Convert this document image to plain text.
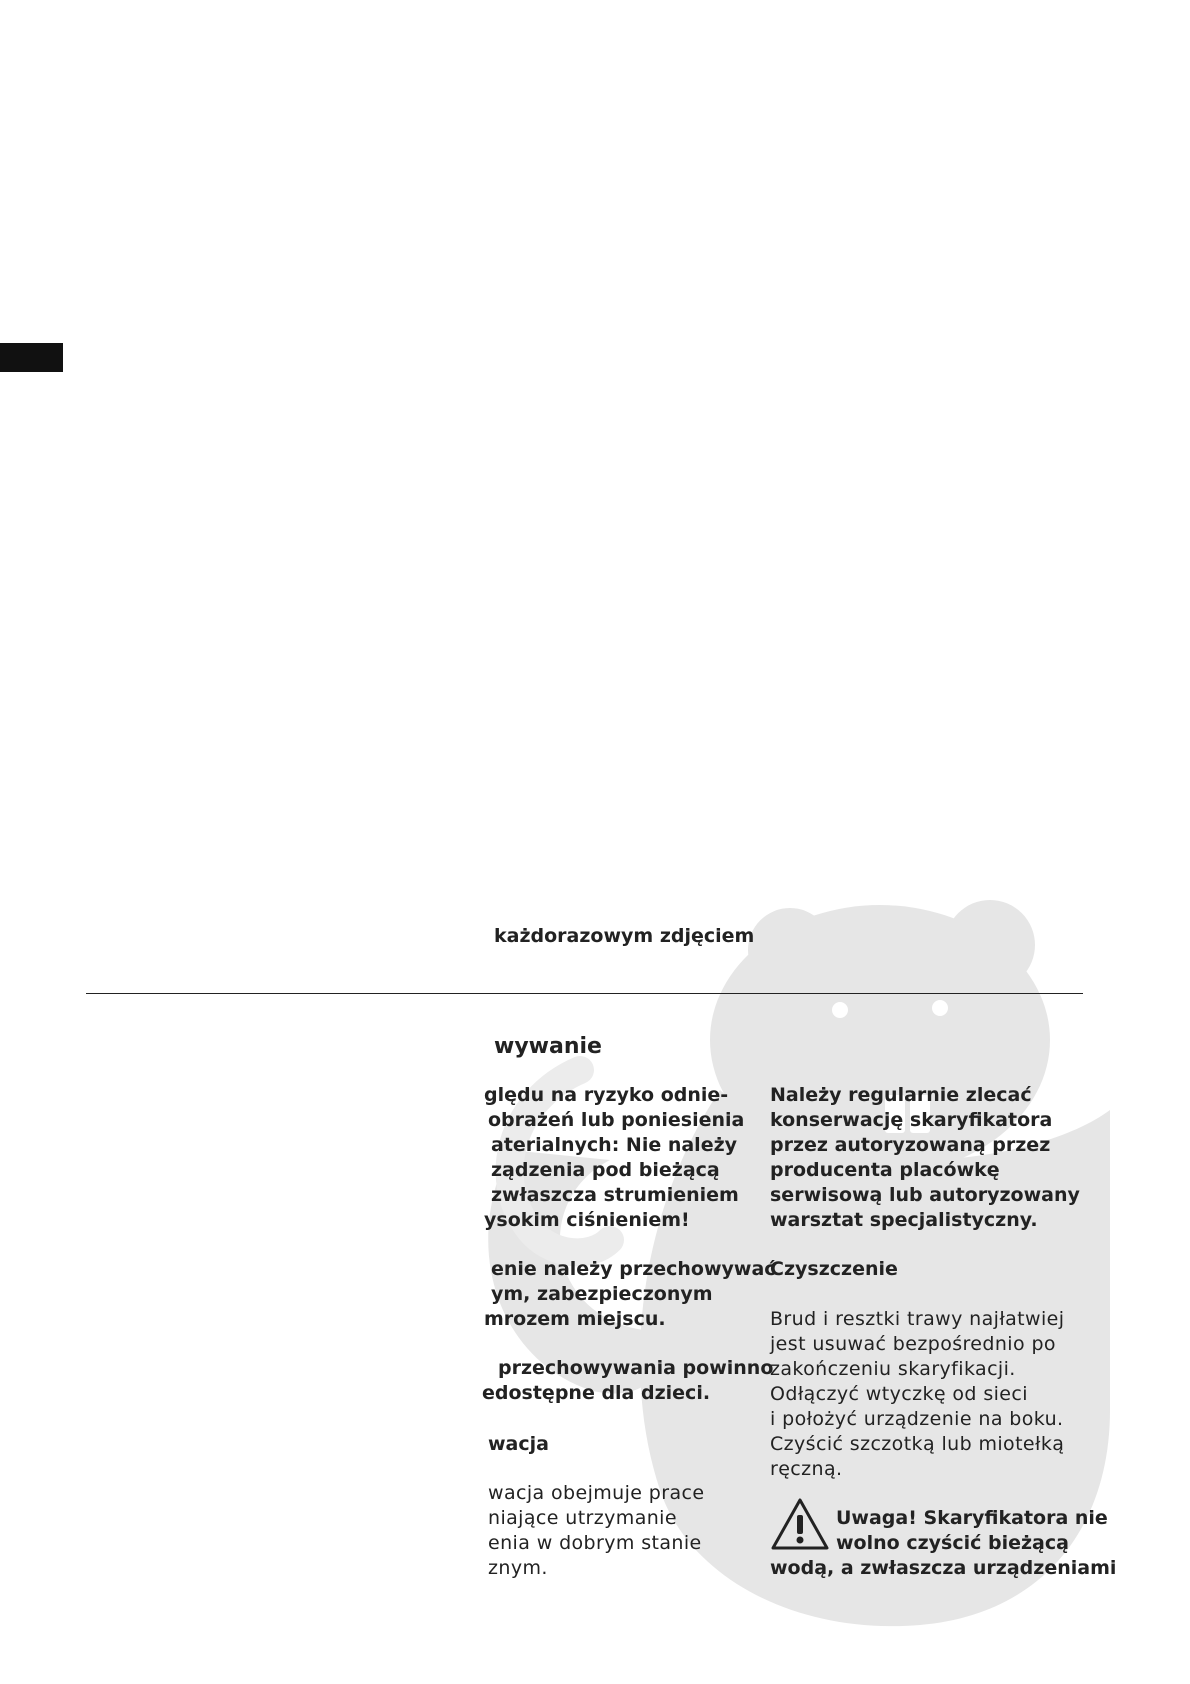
każdorazowym zdjęciem
wywanie
ględu na ryzyko odnie-
obrażeń lub poniesienia
aterialnych: Nie należy
ządzenia pod bieżącą
zwłaszcza strumieniem
ysokim ciśnieniem!
enie należy przechowywać
ym, zabezpieczonym
mrozem miejscu.
przechowywania powinno
edostępne dla dzieci.
wacja
wacja obejmuje prace
niające utrzymanie
enia w dobrym stanie
znym.
Należy regularnie zlecać
konserwację skaryfikatora
przez autoryzowaną przez
producenta placówkę
serwisową lub autoryzowany
warsztat specjalistyczny.
Czyszczenie
Brud i resztki trawy najłatwiej
jest usuwać bezpośrednio po
zakończeniu skaryfikacji.
Odłączyć wtyczkę od sieci
i położyć urządzenie na boku.
Czyścić szczotką lub miotełką
ręczną.
Uwaga! Skaryfikatora nie
wolno czyścić bieżącą
wodą, a zwłaszcza urządzeniami
